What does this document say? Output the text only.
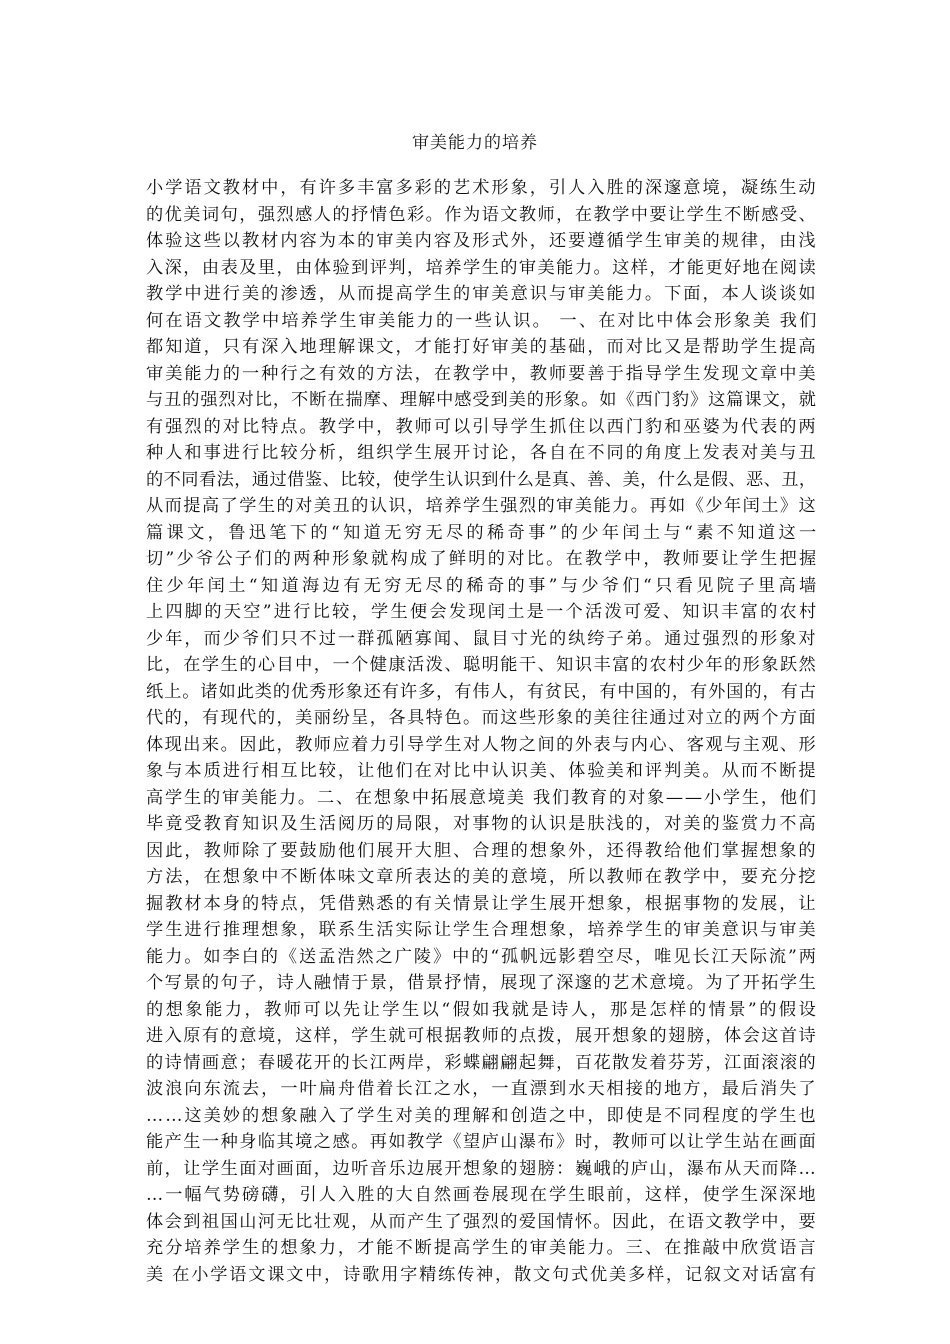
审美能力的培养
小学语文教材中，有许多丰富多彩的艺术形象，引人入胜的深邃意境，凝练生动
的优美词句，强烈感人的抒情色彩。作为语文教师，在教学中要让学生不断感受、
体验这些以教材内容为本的审美内容及形式外，还要遵循学生审美的规律，由浅
入深，由表及里，由体验到评判，培养学生的审美能力。这样，才能更好地在阅读
教学中进行美的渗透，从而提高学生的审美意识与审美能力。下面，本人谈谈如
何在语文教学中培养学生审美能力的一些认识。 一、在对比中体会形象美 我们
都知道，只有深入地理解课文，才能打好审美的基础，而对比又是帮助学生提高
审美能力的一种行之有效的方法，在教学中，教师要善于指导学生发现文章中美
与丑的强烈对比，不断在揣摩、理解中感受到美的形象。如《西门豹》这篇课文，就
有强烈的对比特点。教学中，教师可以引导学生抓住以西门豹和巫婆为代表的两
种人和事进行比较分析，组织学生展开讨论，各自在不同的角度上发表对美与丑
的不同看法，通过借鉴、比较，使学生认识到什么是真、善、美，什么是假、恶、丑，
从而提高了学生的对美丑的认识，培养学生强烈的审美能力。再如《少年闰土》这
篇课文，鲁迅笔下的“知道无穷无尽的稀奇事”的少年闰土与“素不知道这一
切”少爷公子们的两种形象就构成了鲜明的对比。在教学中，教师要让学生把握
住少年闰土“知道海边有无穷无尽的稀奇的事”与少爷们“只看见院子里高墙
上四脚的天空”进行比较，学生便会发现闰土是一个活泼可爱、知识丰富的农村
少年，而少爷们只不过一群孤陋寡闻、鼠目寸光的纨绔子弟。通过强烈的形象对
比，在学生的心目中，一个健康活泼、聪明能干、知识丰富的农村少年的形象跃然
纸上。诸如此类的优秀形象还有许多，有伟人，有贫民，有中国的，有外国的，有古
代的，有现代的，美丽纷呈，各具特色。而这些形象的美往往通过对立的两个方面
体现出来。因此，教师应着力引导学生对人物之间的外表与内心、客观与主观、形
象与本质进行相互比较，让他们在对比中认识美、体验美和评判美。从而不断提
高学生的审美能力。二、在想象中拓展意境美 我们教育的对象——小学生，他们
毕竟受教育知识及生活阅历的局限，对事物的认识是肤浅的，对美的鉴赏力不高
因此，教师除了要鼓励他们展开大胆、合理的想象外，还得教给他们掌握想象的
方法，在想象中不断体味文章所表达的美的意境，所以教师在教学中，要充分挖
掘教材本身的特点，凭借熟悉的有关情景让学生展开想象，根据事物的发展，让
学生进行推理想象，联系生活实际让学生合理想象，培养学生的审美意识与审美
能力。如李白的《送孟浩然之广陵》中的“孤帆远影碧空尽，唯见长江天际流”两
个写景的句子，诗人融情于景，借景抒情，展现了深邃的艺术意境。为了开拓学生
的想象能力，教师可以先让学生以“假如我就是诗人，那是怎样的情景”的假设
进入原有的意境，这样，学生就可根据教师的点拨，展开想象的翅膀，体会这首诗
的诗情画意；春暖花开的长江两岸，彩蝶翩翩起舞，百花散发着芬芳，江面滚滚的
波浪向东流去，一叶扁舟借着长江之水，一直漂到水天相接的地方，最后消失了
……这美妙的想象融入了学生对美的理解和创造之中，即使是不同程度的学生也
能产生一种身临其境之感。再如教学《望庐山瀑布》时，教师可以让学生站在画面
前，让学生面对画面，边听音乐边展开想象的翅膀：巍峨的庐山，瀑布从天而降…
…一幅气势磅礴，引人入胜的大自然画卷展现在学生眼前，这样，使学生深深地
体会到祖国山河无比壮观，从而产生了强烈的爱国情怀。因此，在语文教学中，要
充分培养学生的想象力，才能不断提高学生的审美能力。三、在推敲中欣赏语言
美 在小学语文课文中，诗歌用字精练传神，散文句式优美多样，记叙文对话富有
